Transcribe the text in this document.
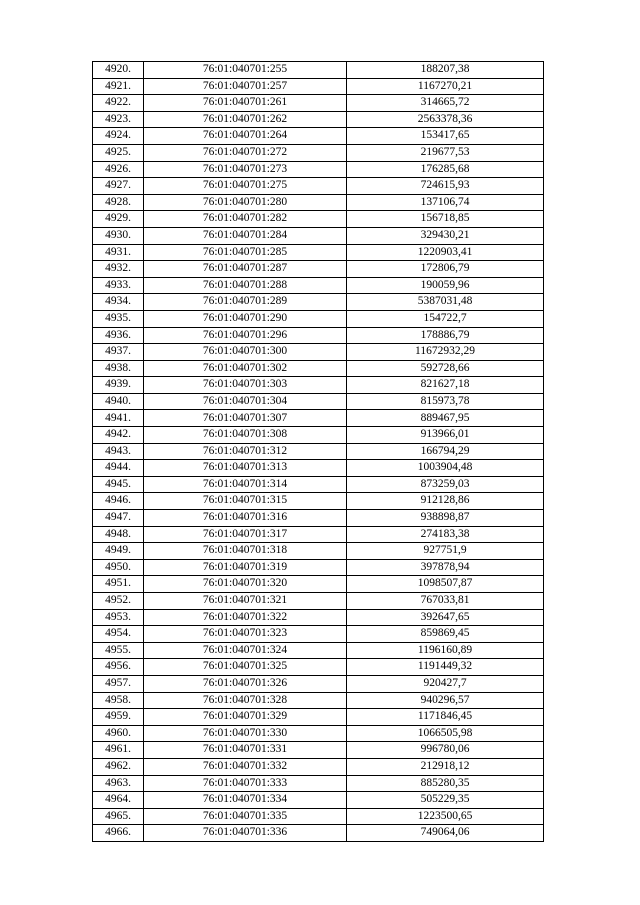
4920.	76:01:040701:255	188207,38
4921.	76:01:040701:257	1167270,21
4922.	76:01:040701:261	314665,72
4923.	76:01:040701:262	2563378,36
4924.	76:01:040701:264	153417,65
4925.	76:01:040701:272	219677,53
4926.	76:01:040701:273	176285,68
4927.	76:01:040701:275	724615,93
4928.	76:01:040701:280	137106,74
4929.	76:01:040701:282	156718,85
4930.	76:01:040701:284	329430,21
4931.	76:01:040701:285	1220903,41
4932.	76:01:040701:287	172806,79
4933.	76:01:040701:288	190059,96
4934.	76:01:040701:289	5387031,48
4935.	76:01:040701:290	154722,7
4936.	76:01:040701:296	178886,79
4937.	76:01:040701:300	11672932,29
4938.	76:01:040701:302	592728,66
4939.	76:01:040701:303	821627,18
4940.	76:01:040701:304	815973,78
4941.	76:01:040701:307	889467,95
4942.	76:01:040701:308	913966,01
4943.	76:01:040701:312	166794,29
4944.	76:01:040701:313	1003904,48
4945.	76:01:040701:314	873259,03
4946.	76:01:040701:315	912128,86
4947.	76:01:040701:316	938898,87
4948.	76:01:040701:317	274183,38
4949.	76:01:040701:318	927751,9
4950.	76:01:040701:319	397878,94
4951.	76:01:040701:320	1098507,87
4952.	76:01:040701:321	767033,81
4953.	76:01:040701:322	392647,65
4954.	76:01:040701:323	859869,45
4955.	76:01:040701:324	1196160,89
4956.	76:01:040701:325	1191449,32
4957.	76:01:040701:326	920427,7
4958.	76:01:040701:328	940296,57
4959.	76:01:040701:329	1171846,45
4960.	76:01:040701:330	1066505,98
4961.	76:01:040701:331	996780,06
4962.	76:01:040701:332	212918,12
4963.	76:01:040701:333	885280,35
4964.	76:01:040701:334	505229,35
4965.	76:01:040701:335	1223500,65
4966.	76:01:040701:336	749064,06
